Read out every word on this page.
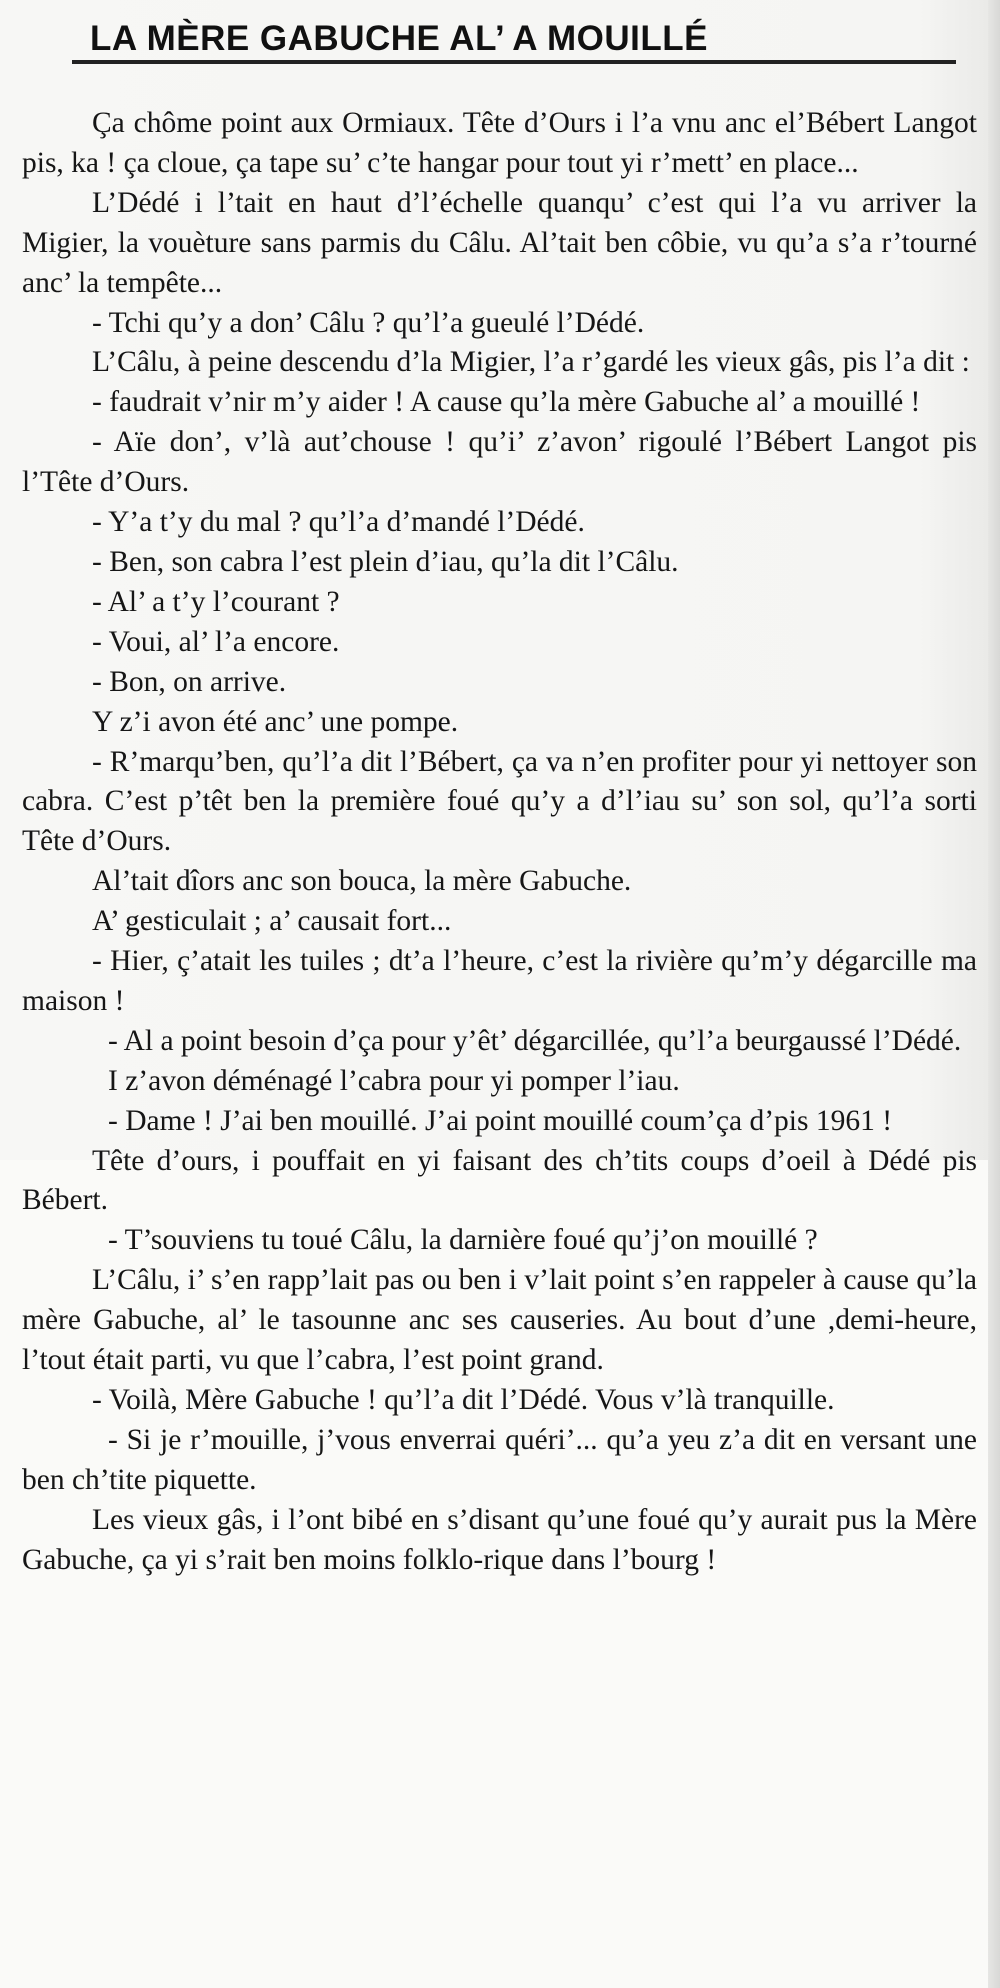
LA MÈRE GABUCHE AL’ A MOUILLÉ

Ça chôme point aux Ormiaux. Tête d’Ours i l’a vnu anc el’Bébert Langot pis, ka ! ça cloue, ça tape su’ c’te hangar pour tout yi r’mett’ en place...

L’Dédé i l’tait en haut d’l’échelle quanqu’ c’est qui l’a vu arriver la Migier, la vouèture sans parmis du Câlu. Al’tait ben côbie, vu qu’a s’a r’tourné anc’ la tempête...

- Tchi qu’y a don’ Câlu ? qu’l’a gueulé l’Dédé.

L’Câlu, à peine descendu d’la Migier, l’a r’gardé les vieux gâs, pis l’a dit :

- faudrait v’nir m’y aider ! A cause qu’la mère Gabuche al’ a mouillé !

- Aïe don’, v’là aut’chouse ! qu’i’ z’avon’ rigoulé l’Bébert Langot pis l’Tête d’Ours.

- Y’a t’y du mal ? qu’l’a d’mandé l’Dédé.

- Ben, son cabra l’est plein d’iau, qu’la dit l’Câlu.

- Al’ a t’y l’courant ?

- Voui, al’ l’a encore.

- Bon, on arrive.

Y z’i avon été anc’ une pompe.

- R’marqu’ben, qu’l’a dit l’Bébert, ça va n’en profiter pour yi nettoyer son cabra. C’est p’têt ben la première foué qu’y a d’l’iau su’ son sol, qu’l’a sorti Tête d’Ours.

Al’tait dîors anc son bouca, la mère Gabuche.

A’ gesticulait ; a’ causait fort...

- Hier, ç’atait les tuiles ; dt’a l’heure, c’est la rivière qu’m’y dégarcille ma maison !

- Al a point besoin d’ça pour y’êt’ dégarcillée, qu’l’a beurgaussé l’Dédé.

I z’avon déménagé l’cabra pour yi pomper l’iau.

- Dame ! J’ai ben mouillé. J’ai point mouillé coum’ça d’pis 1961 !

Tête d’ours, i pouffait en yi faisant des ch’tits coups d’oeil à Dédé pis Bébert.

- T’souviens tu toué Câlu, la darnière foué qu’j’on mouillé ?

L’Câlu, i’ s’en rapp’lait pas ou ben i v’lait point s’en rappeler à cause qu’la mère Gabuche, al’ le tasounne anc ses causeries. Au bout d’une ,demi-heure, l’tout était parti, vu que l’cabra, l’est point grand.

- Voilà, Mère Gabuche ! qu’l’a dit l’Dédé. Vous v’là tranquille.

- Si je r’mouille, j’vous enverrai quéri’... qu’a yeu z’a dit en versant une ben ch’tite piquette.

Les vieux gâs, i l’ont bibé en s’disant qu’une foué qu’y aurait pus la Mère Gabuche, ça yi s’rait ben moins folklo-rique dans l’bourg !
